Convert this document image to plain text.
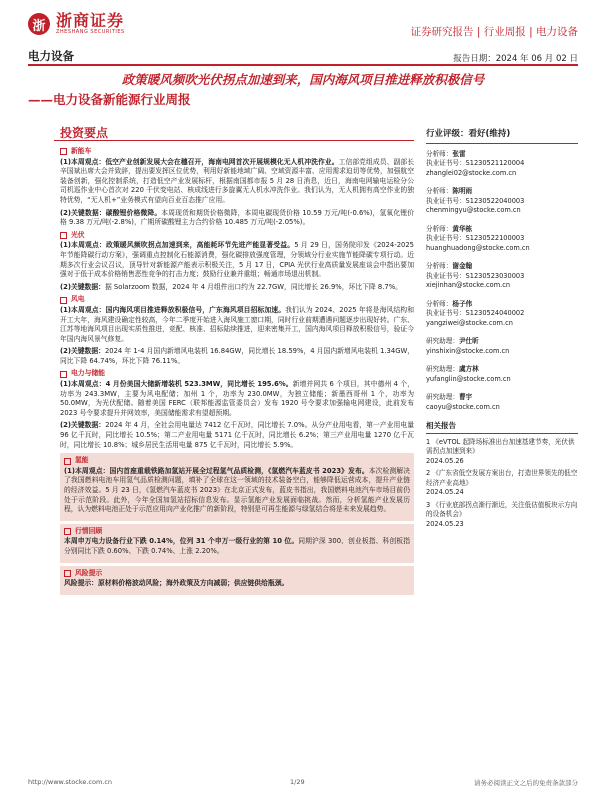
浙 浙商证券
ZHESHANG SECURITIES	证券研究报告 | 行业周报 | 电力设备
电力设备	报告日期：2024 年 06 月 02 日
政策暖风频吹光伏拐点加速到来，国内海风项目推进释放积极信号
——电力设备新能源行业周报
投资要点
新能车
(1)本周观点：低空产业创新发展大会在穗召开，海南电网首次开展规模化无人机冲洗作业。工信部党组成员、副部长辛国斌出席大会并致辞，提出要发挥区位优势，利用好新能地域广阔、空域资源丰富、应用需求迫切等优势，加强航空装备创新，强化控制系统，打造低空产业发展标杆，根据南国都市报 5 月 28 日消息，近日，海南电网输电运检分公司机巡作业中心首次对 220 千伏变电站、核成线进行多旋翼无人机水冲洗作业。我们认为，无人机拥有高空作业的独特优势，“无人机+”业务模式有望向百业百态推广应用。
(2)关键数据：碳酸锂价格微降。本周现货和期货价格微降，本周电碳现货价格 10.59 万元/吨(-0.6%)，氢氧化锂价格 9.38 万元/吨(-2.8%)，广期所碳酸锂主力合约价格 10.485 万元/吨(-2.05%)。
光伏
(1)本周观点：政策暖风频吹拐点加速到来，高能耗环节先进产能显著受益。5 月 29 日，国务院印发《2024-2025 年节能降碳行动方案》，强调重点控制化石能源消费，强化碳排放强度管理，分领域分行业实施节能降碳专项行动。近期多次行业会议召议，顶导针对新能源产能表示积极关注，5 月 17 日，CPIA 光伏行业高质量发展座谈会中指出要加强对于低于成本价格销售恶性竞争的打击力度；鼓励行业兼并重组；畅通市场退出机制。
(2)关键数据：据 Solarzoom 数据，2024 年 4 月组件出口约为 22.7GW，同比增长 26.9%，环比下降 8.7%。
风电
(1)本周观点：国内海风项目推进释放积极信号，广东海风项目招标加速。我们认为 2024、2025 年将是海风结构和开工大年，海风建设确定性较高，今年二季度开始进入海风施工窗口期，同时行业前期遭遇问题逐步出现好转。广东、江苏等地海风项目出现实质性推进，竞配、核准、招标陆续推进，迎来密集开工，国内海风项目释放积极信号，验证今年国内海风景气修复。
(2)关键数据：2024 年 1-4 月国内新增风电装机 16.84GW，同比增长 18.59%，4 月国内新增风电装机 1.34GW，同比下降 64.74%，环比下降 76.11%。
电力与储能
(1)本周观点：4 月份美国大储新增装机 523.3MW，同比增长 195.6%。新增并网共 6 个项目，其中德州 4 个，功率为 243.3MW，主要为风电配储；加州 1 个，功率为 230.0MW，为独立储能；新墨西哥州 1 个，功率为 50.0MW，为光伏配储。随着美国 FERC（联邦能源监管委员会）发布 1920 号令要求加强输电网建设，此前发布 2023 号令要求提升并网效率，美国储能需求有望超预期。
(2)关键数据：2024 年 4 月，全社会用电量达 7412 亿千瓦时，同比增长 7.0%。从分产业用电看，第一产业用电量 96 亿千瓦时，同比增长 10.5%；第二产业用电量 5171 亿千瓦时，同比增长 6.2%；第三产业用电量 1270 亿千瓦时，同比增长 10.8%；城乡居民生活用电量 875 亿千瓦时，同比增长 5.9%。
氢能
(1)本周观点：国内首座重载铁路加氢站开展全过程氢气品质检测，《氢燃汽车蓝皮书 2023》发布。本次检测解决了我国燃料电池车用氢气品质检测问题，填补了全球在这一领域的技术装备空白，能够降低运营成本，提升产业链的经济效益。5 月 23 日，《氢燃汽车蓝皮书 2023》在北京正式发布，蓝皮书指出，我国燃料电池汽车市场目前仍处于示范阶段。此外，今年全国加氢站招标信息发布。显示氢能产业发展面临挑战。然而，分析氢能产业发展历程，认为燃料电池正处于示范应用向产业化推广的新阶段，特别是可再生能源与绿氢结合将是未来发展趋势。
行情回顾
本周申万电力设备行业下跌 0.14%，位列 31 个申万一级行业的第 10 位。同期沪深 300、创业板指、科创板指分别同比下跌 0.60%、下跌 0.74%、上涨 2.20%。
风险提示
风险提示：原材料价格波动风险；海外政策及方向减弱；供应链供给瓶颈。
行业评级：看好(维持)
分析师：张雷
执业证书号：S1230521120004
zhanglei02@stocke.com.cn
分析师：陈明雨
执业证书号：S1230522040003
chenmingyu@stocke.com.cn
分析师：黄华栋
执业证书号：S1230522100003
huanghuadong@stocke.com.cn
分析师：谢金翰
执业证书号：S1230523030003
xiejinhan@stocke.com.cn
分析师：杨子伟
执业证书号：S1230524040002
yangziwei@stocke.com.cn
研究助理：尹仕昕
yinshixin@stocke.com.cn
研究助理：虞方林
yufanglin@stocke.com.cn
研究助理：曹宇
caoyu@stocke.com.cn
相关报告
1 《eVTOL 起降场标准出台加速基建节奏，光伏供需拐点加速到来》
2024.05.26
2 《广东省低空发展方案出台，打造世界领先的低空经济产业高地》
2024.05.24
3 《行业底部拐点渐行渐近，关注低估值板块示方向的设备机会》
2024.05.23
http://www.stocke.com.cn	1/29	请务必阅读正文之后的免责条款部分
